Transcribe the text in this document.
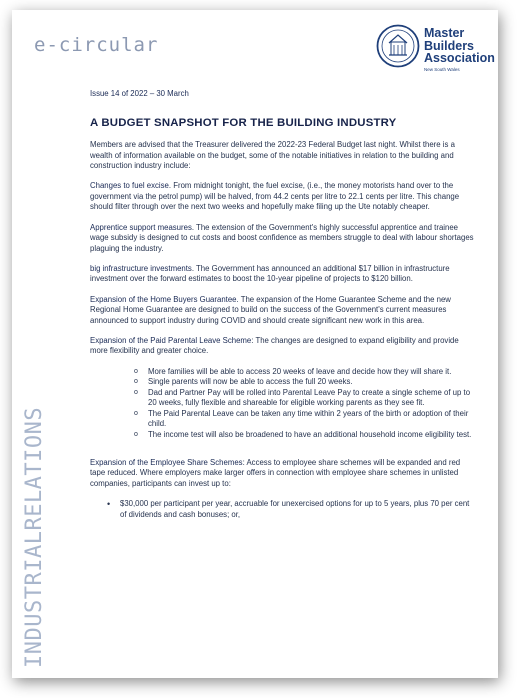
e-circular
Master
Builders
Association
New South Wales
Issue 14 of 2022 – 30 March
A BUDGET SNAPSHOT FOR THE BUILDING INDUSTRY

Members are advised that the Treasurer delivered the 2022-23 Federal Budget last night. Whilst there is a wealth of information available on the budget, some of the notable initiatives in relation to the building and construction industry include:

Changes to fuel excise. From midnight tonight, the fuel excise, (i.e., the money motorists hand over to the government via the petrol pump) will be halved, from 44.2 cents per litre to 22.1 cents per litre. This change should filter through over the next two weeks and hopefully make filing up the Ute notably cheaper.

Apprentice support measures. The extension of the Government's highly successful apprentice and trainee wage subsidy is designed to cut costs and boost confidence as members struggle to deal with labour shortages plaguing the industry.

big infrastructure investments. The Government has announced an additional $17 billion in infrastructure investment over the forward estimates to boost the 10-year pipeline of projects to $120 billion.

Expansion of the Home Buyers Guarantee. The expansion of the Home Guarantee Scheme and the new Regional Home Guarantee are designed to build on the success of the Government's current measures announced to support industry during COVID and should create significant new work in this area.

Expansion of the Paid Parental Leave Scheme: The changes are designed to expand eligibility and provide more flexibility and greater choice.

o More families will be able to access 20 weeks of leave and decide how they will share it.
o Single parents will now be able to access the full 20 weeks.
o Dad and Partner Pay will be rolled into Parental Leave Pay to create a single scheme of up to 20 weeks, fully flexible and shareable for eligible working parents as they see fit.
o The Paid Parental Leave can be taken any time within 2 years of the birth or adoption of their child.
o The income test will also be broadened to have an additional household income eligibility test.

Expansion of the Employee Share Schemes: Access to employee share schemes will be expanded and red tape reduced. Where employers make larger offers in connection with employee share schemes in unlisted companies, participants can invest up to:

• $30,000 per participant per year, accruable for unexercised options for up to 5 years, plus 70 per cent of dividends and cash bonuses; or,
INDUSTRIALRELATIONS
